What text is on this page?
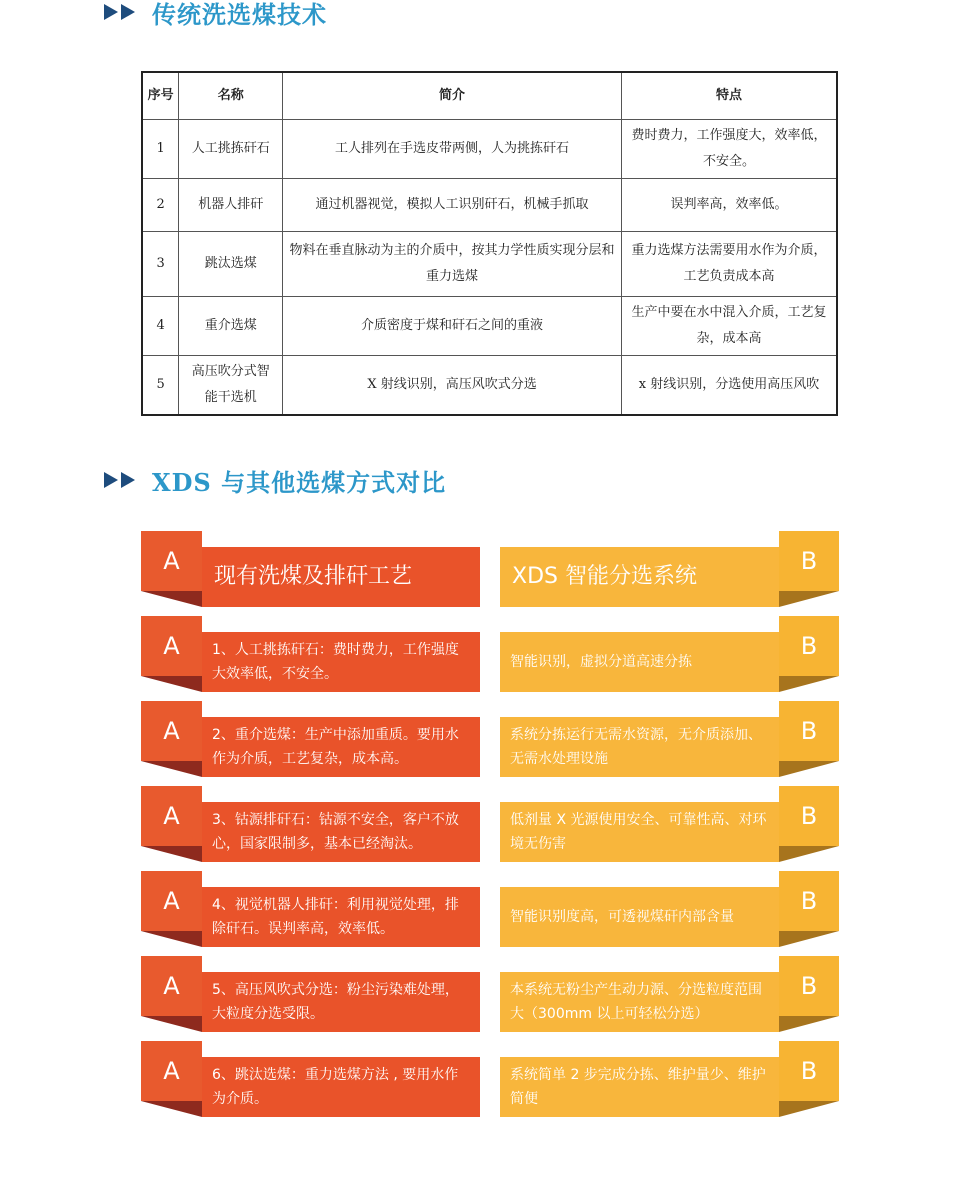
传统洗选煤技术
序号	名称	简介	特点
1	人工挑拣矸石	工人排列在手选皮带两侧，人为挑拣矸石	费时费力，工作强度大，效率低，不安全。
2	机器人排矸	通过机器视觉，模拟人工识别矸石，机械手抓取	误判率高，效率低。
3	跳汰选煤	物料在垂直脉动为主的介质中，按其力学性质实现分层和重力选煤	重力选煤方法需要用水作为介质，工艺负责成本高
4	重介选煤	介质密度于煤和矸石之间的重液	生产中要在水中混入介质，工艺复杂，成本高
5	高压吹分式智能干选机	X 射线识别，高压风吹式分选	x 射线识别，分选使用高压风吹
XDS 与其他选煤方式对比
A
现有洗煤及排矸工艺	XDS 智能分选系统
B
A	1、人工挑拣矸石：费时费力，工作强度大效率低，不安全。
智能识别，虚拟分道高速分拣
B
A	2、重介选煤：生产中添加重质。要用水作为介质，工艺复杂，成本高。
系统分拣运行无需水资源，无介质添加、无需水处理设施
B
A	3、钴源排矸石：钴源不安全，客户不放心，国家限制多，基本已经淘汰。
低剂量 X 光源使用安全、可靠性高、对环境无伤害
B
A	4、视觉机器人排矸：利用视觉处理，排除矸石。误判率高，效率低。
智能识别度高，可透视煤矸内部含量
B
A	5、高压风吹式分选：粉尘污染难处理，大粒度分选受限。
本系统无粉尘产生动力源、分选粒度范围大（300mm 以上可轻松分选）
B
A	6、跳汰选煤：重力选煤方法 , 要用水作为介质。
系统简单 2 步完成分拣、维护量少、维护简便
B
